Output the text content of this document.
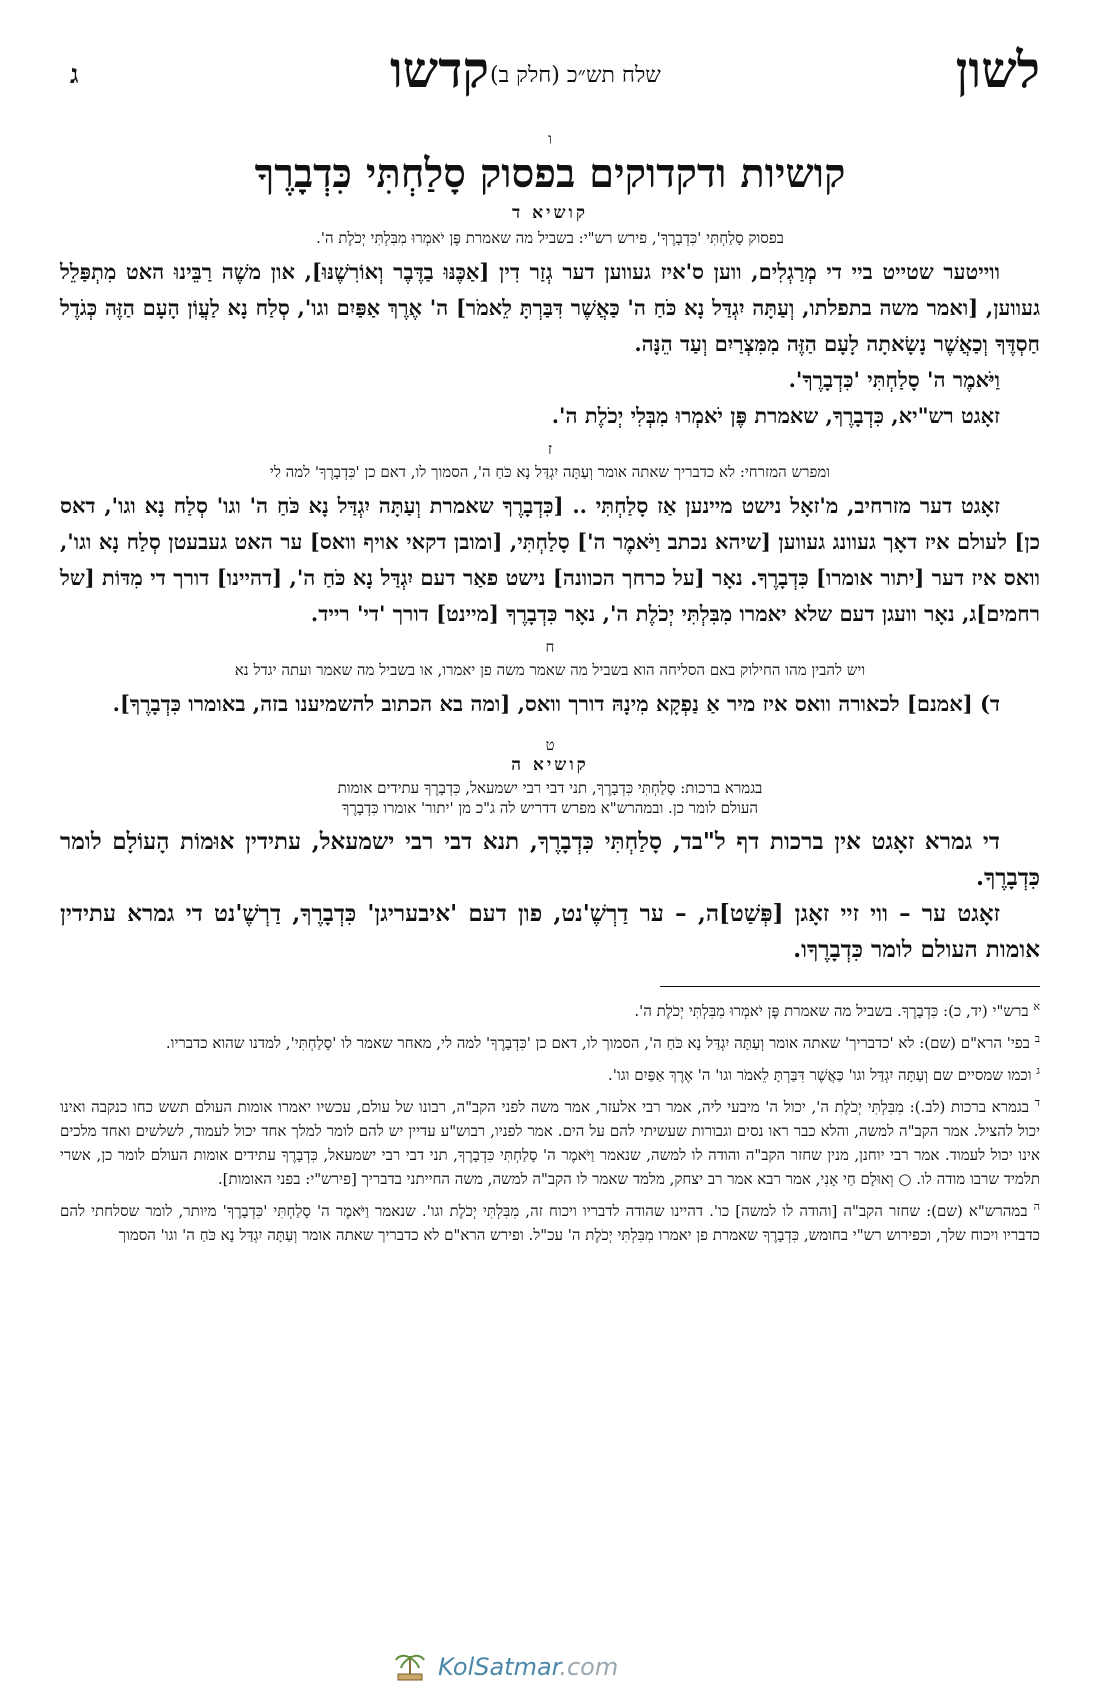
לשון
שלח תש״כ (חלק ב)
קדשו
ג

ו

קושיות ודקדוקים בפסוק סָלַחְתִּי כִּדְבָרֶךָ

קושיא ד

בפסוק סָלַחְתִּי 'כִּדְבָרֶךָ', פירש רש"י: בשביל מה שאמרת פֶּן יֹאמְרוּ מִבִּלְתִּי יְכֹלֶת ה'.

ווייטער שטייט ביי די מְרַגְלִים, ווען ס'איז געווען דער גְזַר דִין [אַכֶּנּוּ בַדֶּבֶר וְאוֹרִשֶׁנּוּ], און משֶׁה רַבֵּינוּ האט מִתְפַּלֵל געווען, [ואמר משה בתפלתו, וְעַתָּה יִגְדַּל נָא כֹּחַ ה' כַּאֲשֶׁר דִּבַּרְתָּ לֵאמֹר] ה' אֶרֶךְ אַפַּיִם וגו', סְלַח נָא לַעֲוֹן הָעָם הַזֶּה כְּגֹדֶל חַסְדֶּךָ וְכַאֲשֶׁר נָשָׂאתָה לָעָם הַזֶּה מִמִּצְרַיִם וְעַד הֵנָּה.

וַיֹּאמֶר ה' סָלַחְתִּי 'כִּדְבָרֶךָ'.

זאָגט רש"יא, כִּדְבָרֶךָ, שאמרת פֶּן יֹאמְרוּ מִבְּלִי יְכֹלֶת ה'.

ז

ומפרש המזרחי: לא כדבריך שאתה אומר וְעַתָּה יִגְדַּל נָא כֹּחַ ה', הסמוך לו, דאם כן 'כִּדְבָרֶךָ' למה לי

זאָגט דער מזרחיב, מ'זאָל נישט מיינען אַז סָלַחְתִּי .. [כִּדְבָרֶךָ שאמרת וְעַתָּה יִגְדַּל נָא כֹּחַ ה' וגו' סְלַח נָא וגו', דאס כן] לעולם איז דאָך געוונג געווען [שיהא נכתב וַיֹּאמֶר ה'] סָלַחְתִּי, [ומובן דקאי אויף וואס] ער האט געבעטן סְלַח נָא וגו', וואס איז דער [יתור אומרו] כִּדְבָרֶךָ. נאָר [על כרחך הכוונה] נישט פאַר דעם יִגְדַּל נָא כֹּחַ ה', [דהיינו] דורך די מִדּוֹת [של רחמים]ג, נאָר וועגן דעם שלא יאמרו מִבִּלְתִּי יְכֹלֶת ה', נאָר כִּדְבָרֶךָ [מיינט] דורך 'די' רייד.

ח

ויש להבין מהו החילוק באם הסליחה הוא בשביל מה שאמר משה פן יאמרו, או בשביל מה שאמר ועתה יגדל נא

ד) [אמנם] לכאורה וואס איז מיר אַ נַפְקָא מִינָהּ דורך וואס, [ומה בא הכתוב להשמיענו בזה, באומרו כִּדְבָרֶךָ].

ט

קושיא ה

בגמרא ברכות: סָלַחְתִּי כִּדְבָרֶךָ, תני דבי רבי ישמעאל, כִּדְבָרֶךָ עתידים אומות

העולם לומר כן. ובמהרש"א מפרש דדריש לה ג"כ מן 'יתור' אומרו כִּדְבָרֶךָ

די גמרא זאָגט אין ברכות דף ל"בד, סָלַחְתִּי כִּדְבָרֶךָ, תנא דבי רבי ישמעאל, עתידין אוּמוֹת הָעוֹלָם לומר כִּדְבָרֶךָ.

זאָגט ער – ווי זיי זאָגן [פְּשַׁט]ה, – ער דַרְשֶׁ'נט, פון דעם 'איבעריגן' כִּדְבָרֶךָ, דַרְשֶׁ'נט די גמרא עתידין אומות העולם לומר כִּדְבָרֶךָו.

$^א$ ברש"י (יד, כ): כִּדְבָרֶךָ. בשביל מה שאמרת פֶּן יֹאמְרוּ מִבִּלְתִּי יְכֹלֶת ה'.

$^ב$ בפי' הרא"ם (שם): לא 'כדבריך' שאתה אומר וְעַתָּה יִגְדַּל נָא כֹּחַ ה', הסמוך לו, דאם כן 'כִּדְבָרֶךָ' למה לי, מאחר שאמר לו 'סָלַחְתִּי', למדנו שהוא כדבריו.

$^ג$ וכמו שמסיים שם וְעַתָּה יִגְדַּל וגו' כַּאֲשֶׁר דִּבַּרְתָּ לֵאמֹר וגו' ה' אֶרֶךְ אַפַּיִם וגו'.

$^ד$ בגמרא ברכות (לב.): מִבִּלְתִּי יְכֹלֶת ה', יכול ה' מיבעי ליה, אמר רבי אלעזר, אמר משה לפני הקב"ה, רבונו של עולם, עכשיו יאמרו אומות העולם תשש כחו כנקבה ואינו יכול להציל. אמר הקב"ה למשה, והלא כבר ראו נסים וגבורות שעשיתי להם על הים. אמר לפניו, רבוש"ע עדיין יש להם לומר למלך אחד יכול לעמוד, לשלשים ואחד מלכים אינו יכול לעמוד. אמר רבי יוחנן, מנין שחזר הקב"ה והודה לו למשה, שנאמר וַיֹּאמֶר ה' סָלַחְתִּי כִּדְבָרֶךָ, תני דבי רבי ישמעאל, כִּדְבָרֶךָ עתידים אומות העולם לומר כן, אשרי תלמיד שרבו מודה לו. ○ וְאוּלָם חַי אָנִי, אמר רבא אמר רב יצחק, מלמד שאמר לו הקב"ה למשה, משה החייתני בדבריך [פירש"י: בפני האומות].

$^ה$ במהרש"א (שם): שחזר הקב"ה [והודה לו למשה] כו'. דהיינו שהודה לדבריו ויכוח זה, מִבִּלְתִּי יְכֹלֶת וגו'. שנאמר וַיֹּאמֶר ה' סָלַחְתִּי 'כִּדְבָרֶךָ' מיותר, לומר שסלחתי להם כדבריו ויכוח שלך, וכפירוש רש"י בחומש, כִּדְבָרֶךָ שאמרת פן יאמרו מִבִּלְתִּי יְכֹלֶת ה' עכ"ל. ופירש הרא"ם לא כדבריך שאתה אומר וְעַתָּה יִגְדַּל נָא כֹּחַ ה' וגו' הסמוך

KolSatmar.com
